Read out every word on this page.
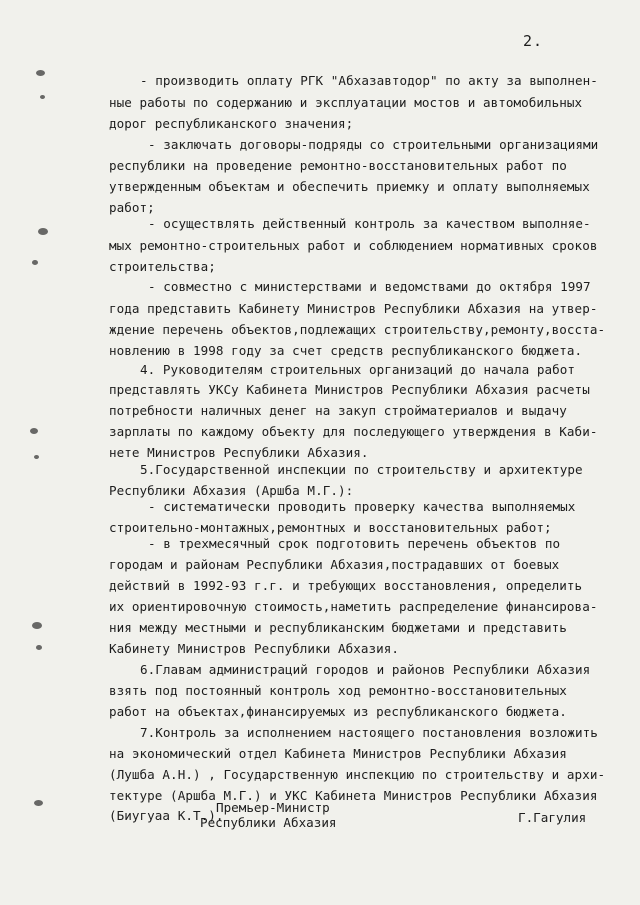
2.
- производить оплату РГК "Абхазавтодор" по акту за выполнен-
ные работы по содержанию и эксплуатации мостов и автомобильных
дорог республиканского значения;
- заключать договоры-подряды со строительными организациями
республики на проведение ремонтно-восстановительных работ по
утвержденным объектам и обеспечить приемку и оплату выполняемых
работ;
- осуществлять действенный контроль за качеством выполняе-
мых ремонтно-строительных работ и соблюдением нормативных сроков
строительства;
- совместно с министерствами и ведомствами до октября 1997
года представить Кабинету Министров Республики Абхазия на утвер-
ждение перечень объектов,подлежащих строительству,ремонту,восста-
новлению в 1998 году за счет средств республиканского бюджета.
4. Руководителям строительных организаций до начала работ
представлять УКСу Кабинета Министров Республики Абхазия расчеты
потребности наличных денег на закуп стройматериалов и выдачу
зарплаты по каждому объекту для последующего утверждения в Каби-
нете Министров Республики Абхазия.
5.Государственной инспекции по строительству и архитектуре
Республики Абхазия (Аршба М.Г.):
- систематически проводить проверку качества выполняемых
строительно-монтажных,ремонтных и восстановительных работ;
- в трехмесячный срок подготовить перечень объектов по
городам и районам Республики Абхазия,пострадавших от боевых
действий в 1992-93 г.г. и требующих восстановления, определить
их ориентировочную стоимость,наметить распределение финансирова-
ния между местными и республиканским бюджетами и представить
Кабинету Министров Республики Абхазия.
6.Главам администраций городов и районов Республики Абхазия
взять под постоянный контроль ход ремонтно-восстановительных
работ на объектах,финансируемых из республиканского бюджета.
7.Контроль за исполнением настоящего постановления возложить
на экономический отдел Кабинета Министров Республики Абхазия
(Лушба А.Н.) , Государственную инспекцию по строительству и архи-
тектуре (Аршба М.Г.) и УКС Кабинета Министров Республики Абхазия
(Биугуаа К.Т.).
Премьер-Министр
Республики Абхазия	Г.Гагулия
